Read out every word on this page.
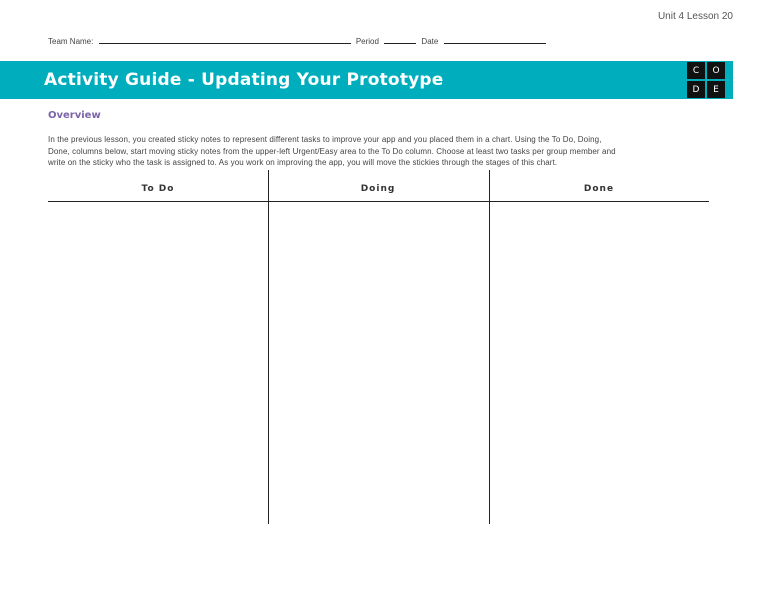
Unit 4 Lesson 20
Team Name:	Period	Date
Activity Guide - Updating Your Prototype	C	O
D	E
Overview
In the previous lesson, you created sticky notes to represent different tasks to improve your app and you placed them in a chart. Using the To Do, Doing,
Done, columns below, start moving sticky notes from the upper-left Urgent/Easy area to the To Do column. Choose at least two tasks per group member and
write on the sticky who the task is assigned to. As you work on improving the app, you will move the stickies through the stages of this chart.
To Do	Doing	Done
